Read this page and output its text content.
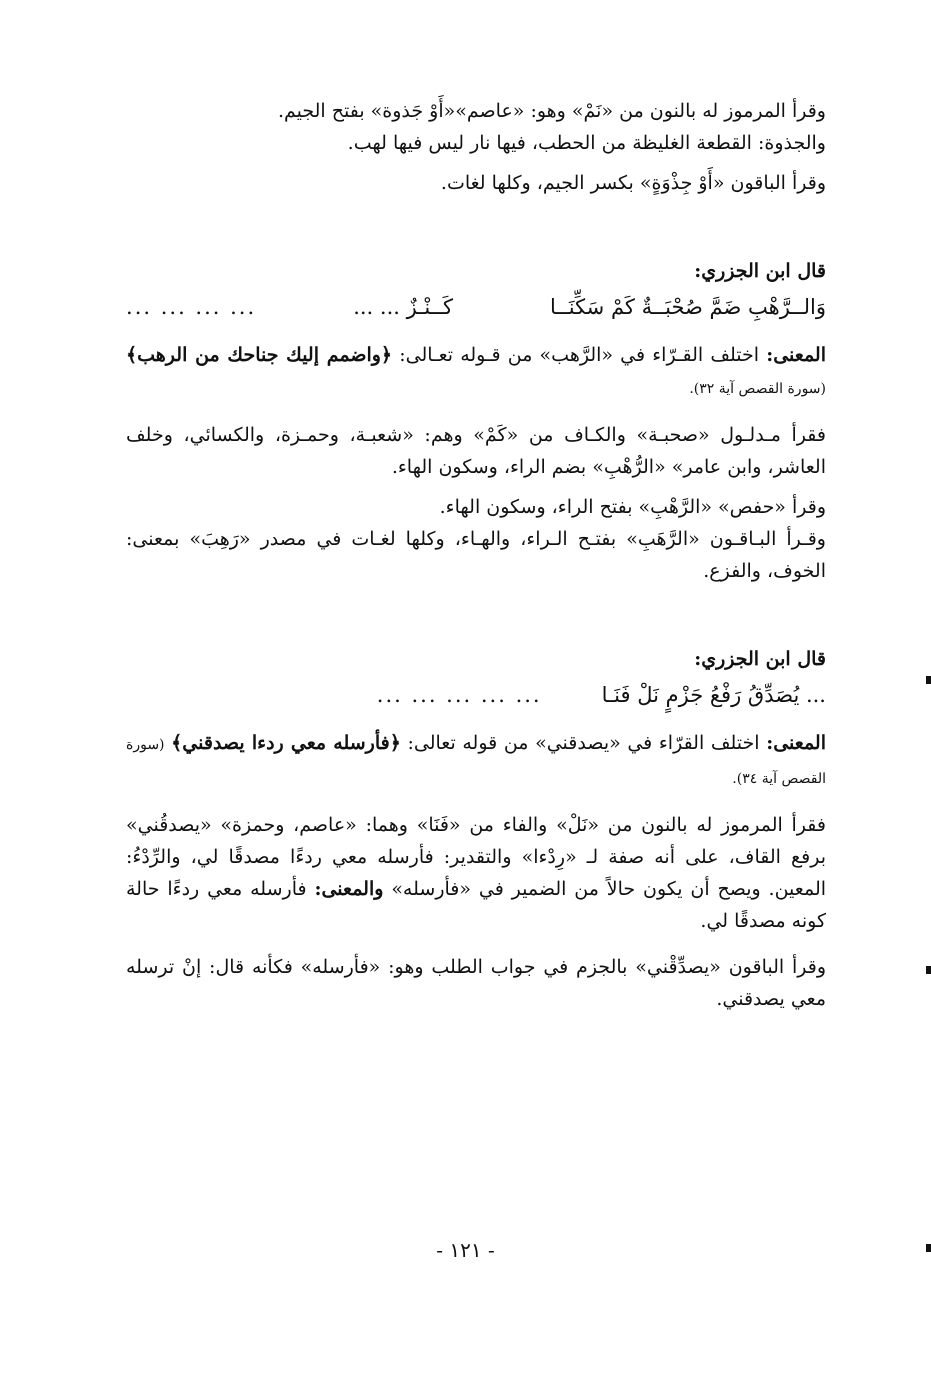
وقرأ المرموز له بالنون من «نَمْ» وهو: «عاصم»«أَوْ جَذوة» بفتح الجيم.

والجذوة: القطعة الغليظة من الحطب، فيها نار ليس فيها لهب.

وقرأ الباقون «أَوْ جِذْوَةٍ» بكسر الجيم، وكلها لغات.

قال ابن الجزري:

وَالــرَّهْبِ ضَمَّ صُحْبَــةٌ كَمْ سَكِّنَــا
كَــنْـزٌ ... ...
... ... ... ...

المعنى: اختلف القـرّاء في «الرَّهب» من قـوله تعـالى: ﴿واضمم إليك جناحك من الرهب﴾ (سورة القصص آية ٣٢).

فقرأ مـدلـول «صحبـة» والكـاف من «كَمْ» وهم: «شعبـة، وحمـزة، والكسائي، وخلف العاشر، وابن عامر» «الرُّهْبِ» بضم الراء، وسكون الهاء.

وقرأ «حفص» «الرَّهْبِ» بفتح الراء، وسكون الهاء.

وقـرأ البـاقـون «الرَّهَبِ» بفتـح الـراء، والهـاء، وكلها لغـات في مصدر «رَهِبَ» بمعنى: الخوف، والفزع.

قال ابن الجزري:

... يُصَدِّقُ رَفْعُ جَزْمٍ نَلْ فَنَـا
... ... ... ... ...

المعنى: اختلف القرّاء في «يصدقني» من قوله تعالى: ﴿فأرسله معي ردءا يصدقني﴾ (سورة القصص آية ٣٤).

فقرأ المرموز له بالنون من «نَلْ» والفاء من «فَنَا» وهما: «عاصم، وحمزة» «يصدقُني» برفع القاف، على أنه صفة لـ «رِدْءا» والتقدير: فأرسله معي ردءًا مصدقًا لي، والرِّدْءُ: المعين. ويصح أن يكون حالاً من الضمير في «فأرسله» والمعنى: فأرسله معي ردءًا حالة كونه مصدقًا لي.

وقرأ الباقون «يصدِّقْني» بالجزم في جواب الطلب وهو: «فأرسله» فكأنه قال: إنْ ترسله معي يصدقني.

- ١٢١ -
